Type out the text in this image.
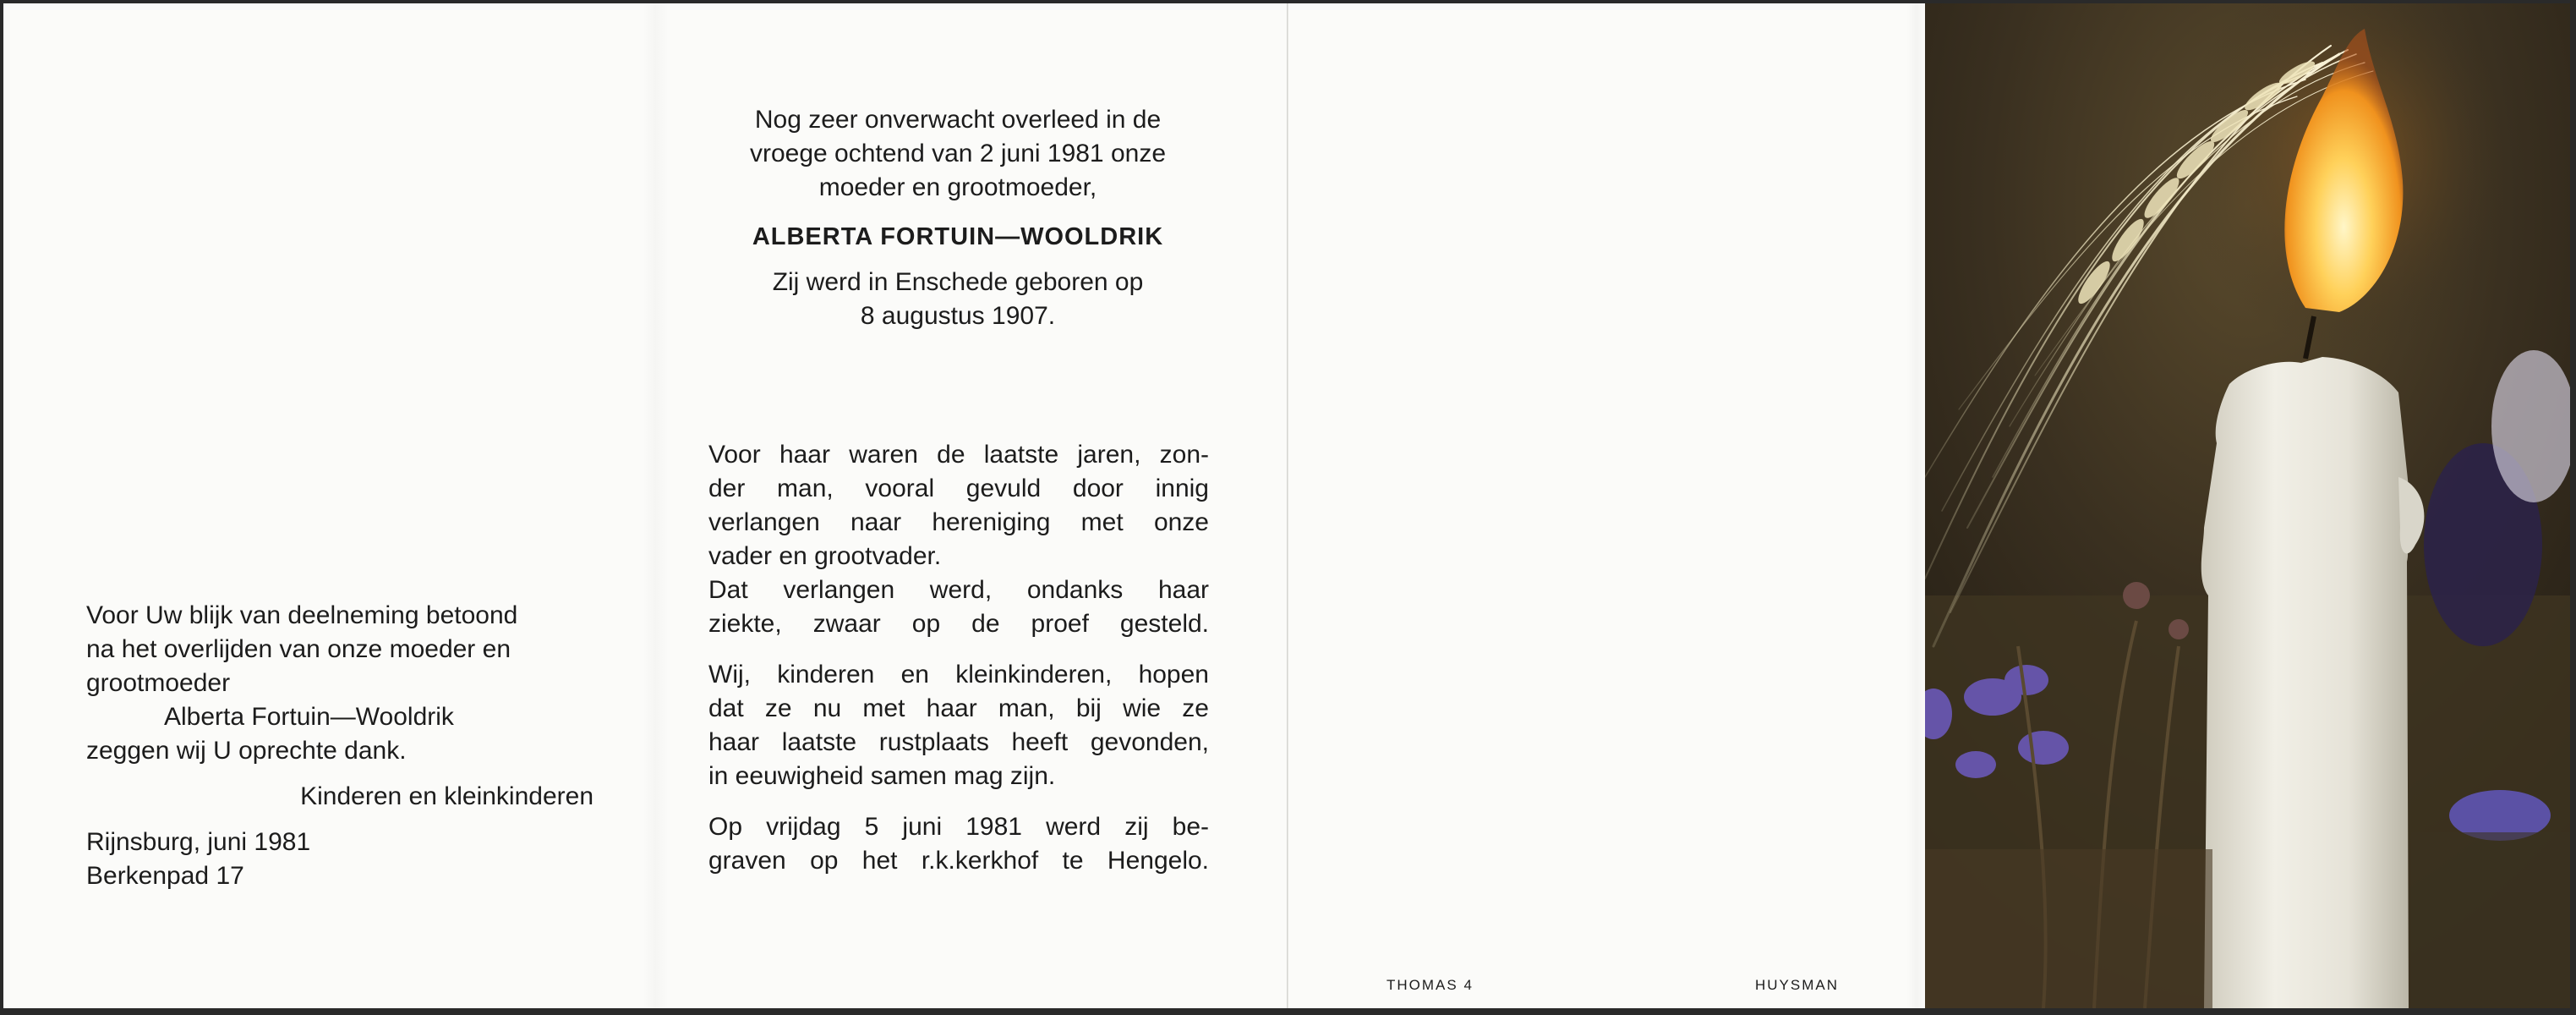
Voor Uw blijk van deelneming betoond
na het overlijden van onze moeder en
grootmoeder
Alberta Fortuin—Wooldrik
zeggen wij U oprechte dank.
Kinderen en kleinkinderen
Rijnsburg, juni 1981
Berkenpad 17
Nog zeer onverwacht overleed in de
vroege ochtend van 2 juni 1981 onze
moeder en grootmoeder,
ALBERTA FORTUIN—WOOLDRIK
Zij werd in Enschede geboren op
8 augustus 1907.

Voor haar waren de laatste jaren, zon-
der man, vooral gevuld door innig
verlangen naar hereniging met onze
vader en grootvader.
Dat verlangen werd, ondanks haar
ziekte, zwaar op de proef gesteld.

Wij, kinderen en kleinkinderen, hopen
dat ze nu met haar man, bij wie ze
haar laatste rustplaats heeft gevonden,
in eeuwigheid samen mag zijn.

Op vrijdag 5 juni 1981 werd zij be-
graven op het r.k.kerkhof te Hengelo.

THOMAS 4	HUYSMAN
